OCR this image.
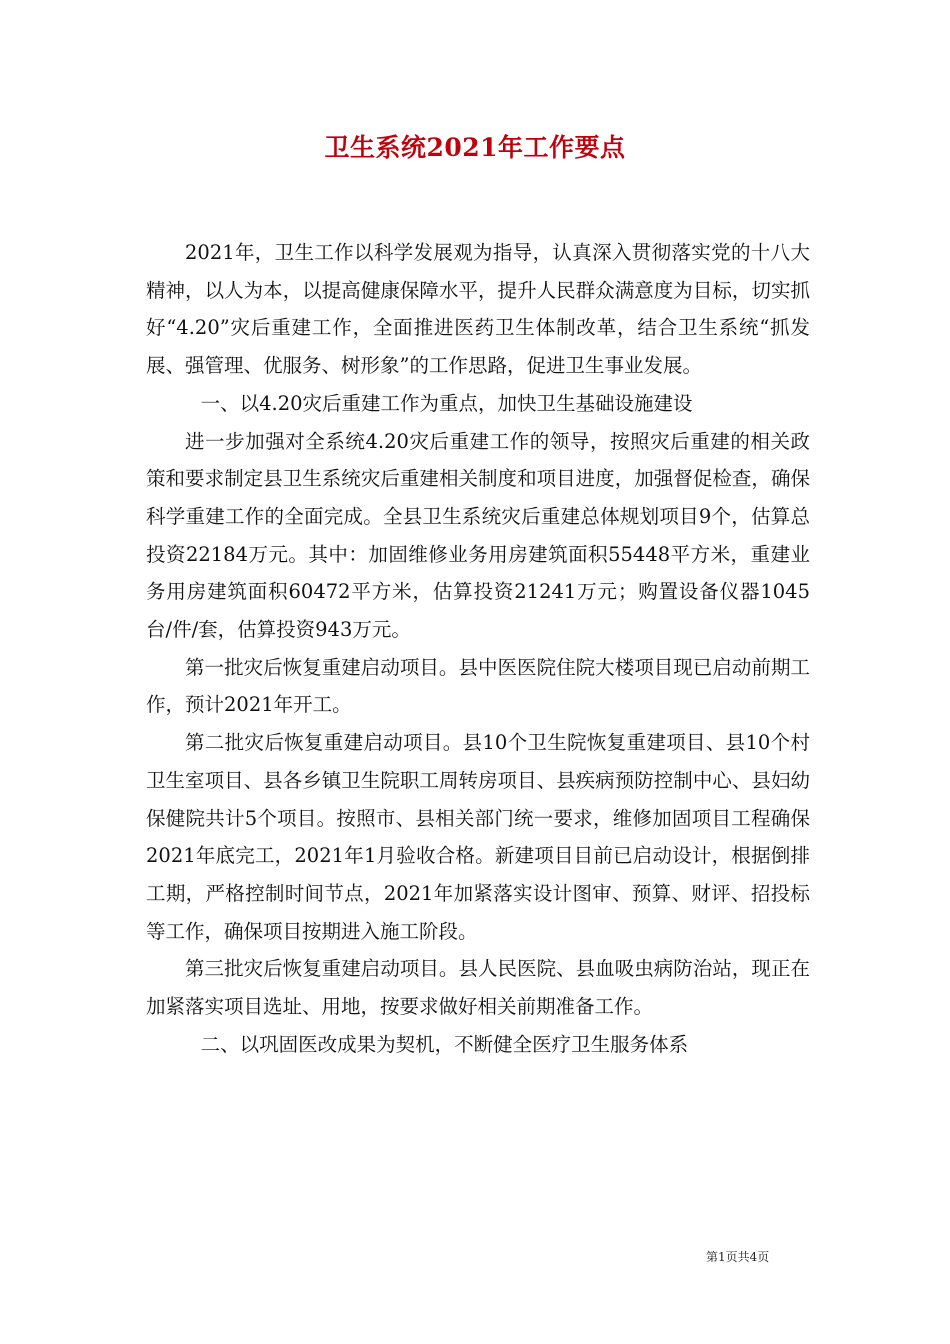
卫生系统2021年工作要点

2021年，卫生工作以科学发展观为指导，认真深入贯彻落实党的十八大精神，以人为本，以提高健康保障水平，提升人民群众满意度为目标，切实抓好“4.20”灾后重建工作，全面推进医药卫生体制改革，结合卫生系统“抓发展、强管理、优服务、树形象”的工作思路，促进卫生事业发展。

一、以4.20灾后重建工作为重点，加快卫生基础设施建设

进一步加强对全系统4.20灾后重建工作的领导，按照灾后重建的相关政策和要求制定县卫生系统灾后重建相关制度和项目进度，加强督促检查，确保科学重建工作的全面完成。全县卫生系统灾后重建总体规划项目9个，估算总投资22184万元。其中：加固维修业务用房建筑面积55448平方米，重建业务用房建筑面积60472平方米，估算投资21241万元；购置设备仪器1045台/件/套，估算投资943万元。

第一批灾后恢复重建启动项目。县中医医院住院大楼项目现已启动前期工作，预计2021年开工。

第二批灾后恢复重建启动项目。县10个卫生院恢复重建项目、县10个村卫生室项目、县各乡镇卫生院职工周转房项目、县疾病预防控制中心、县妇幼保健院共计5个项目。按照市、县相关部门统一要求，维修加固项目工程确保2021年底完工，2021年1月验收合格。新建项目目前已启动设计，根据倒排工期，严格控制时间节点，2021年加紧落实设计图审、预算、财评、招投标等工作，确保项目按期进入施工阶段。

第三批灾后恢复重建启动项目。县人民医院、县血吸虫病防治站，现正在加紧落实项目选址、用地，按要求做好相关前期准备工作。

二、以巩固医改成果为契机，不断健全医疗卫生服务体系

第1页共4页
